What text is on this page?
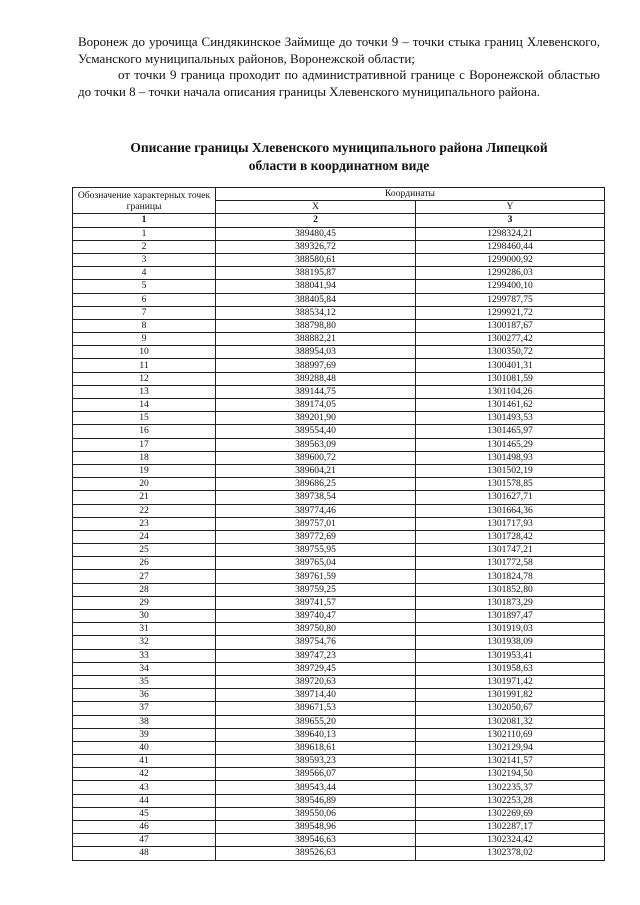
Воронеж до урочища Синдякинское Займище до точки 9 – точки стыка границ Хлевенского, Усманского муниципальных районов, Воронежской области;

от точки 9 граница проходит по административной границе с Воронежской областью до точки 8 – точки начала описания границы Хлевенского муниципального района.

Описание границы Хлевенского муниципального района Липецкой
области в координатном виде
Обозначение характерных точек границы	Координаты	
	X	Y
1	2	3
1	389480,45	1298324,21
2	389326,72	1298460,44
3	388580,61	1299000,92
4	388195,87	1299286,03
5	388041,94	1299400,10
6	388405,84	1299787,75
7	388534,12	1299921,72
8	388798,80	1300187,67
9	388882,21	1300277,42
10	388954,03	1300350,72
11	388997,69	1300401,31
12	389288,48	1301081,59
13	389144,75	1301104,26
14	389174,05	1301461,62
15	389201,90	1301493,53
16	389554,40	1301465,97
17	389563,09	1301465,29
18	389600,72	1301498,93
19	389604,21	1301502,19
20	389686,25	1301578,85
21	389738,54	1301627,71
22	389774,46	1301664,36
23	389757,01	1301717,93
24	389772,69	1301728,42
25	389755,95	1301747,21
26	389765,04	1301772,58
27	389761,59	1301824,78
28	389759,25	1301852,80
29	389741,57	1301873,29
30	389740,47	1301897,47
31	389750,80	1301919,03
32	389754,76	1301938,09
33	389747,23	1301953,41
34	389729,45	1301958,63
35	389720,63	1301971,42
36	389714,40	1301991,82
37	389671,53	1302050,67
38	389655,20	1302081,32
39	389640,13	1302110,69
40	389618,61	1302129,94
41	389593,23	1302141,57
42	389566,07	1302194,50
43	389543,44	1302235,37
44	389546,89	1302253,28
45	389550,06	1302269,69
46	389548,96	1302287,17
47	389546,63	1302324,42
48	389526,63	1302378,02
